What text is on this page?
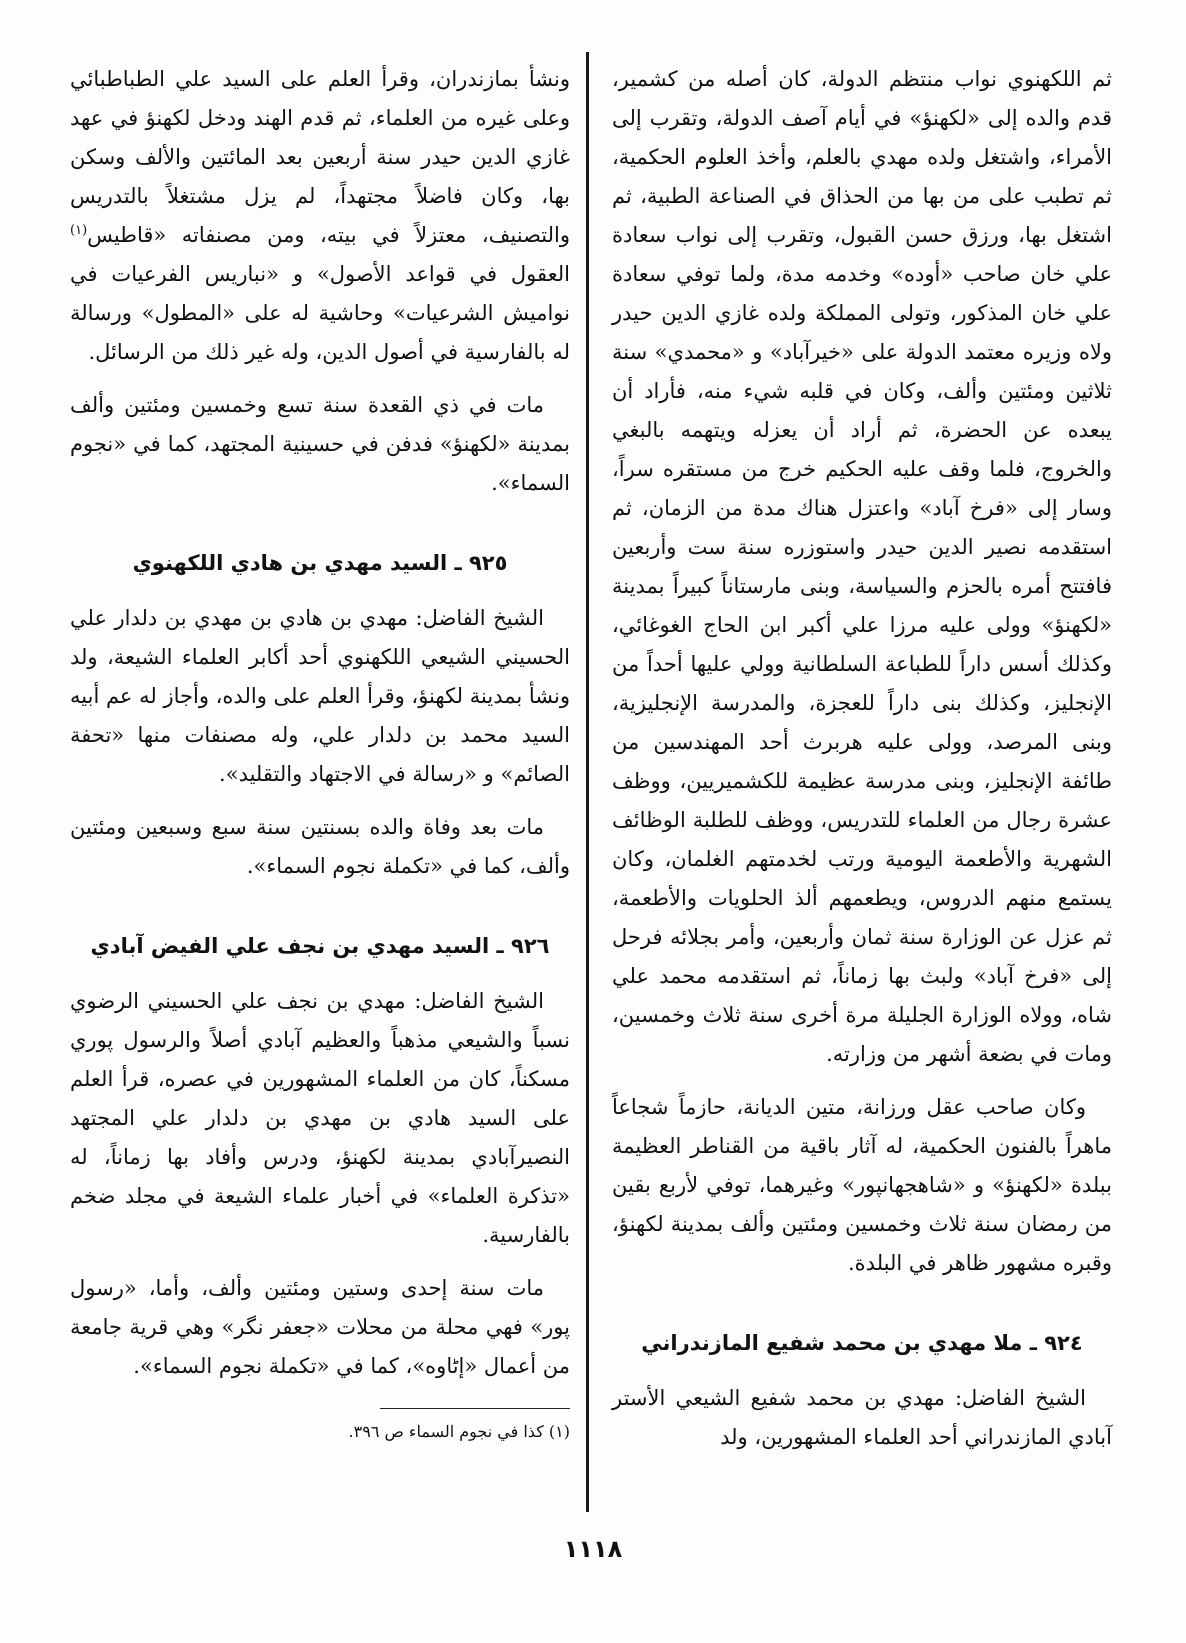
ثم اللكهنوي نواب منتظم الدولة، كان أصله من كشمير، قدم والده إلى «لكهنؤ» في أيام آصف الدولة، وتقرب إلى الأمراء، واشتغل ولده مهدي بالعلم، وأخذ العلوم الحكمية، ثم تطبب على من بها من الحذاق في الصناعة الطبية، ثم اشتغل بها، ورزق حسن القبول، وتقرب إلى نواب سعادة علي خان صاحب «أوده» وخدمه مدة، ولما توفي سعادة علي خان المذكور، وتولى المملكة ولده غازي الدين حيدر ولاه وزيره معتمد الدولة على «خيرآباد» و «محمدي» سنة ثلاثين ومئتين وألف، وكان في قلبه شيء منه، فأراد أن يبعده عن الحضرة، ثم أراد أن يعزله ويتهمه بالبغي والخروج، فلما وقف عليه الحكيم خرج من مستقره سراً، وسار إلى «فرخ آباد» واعتزل هناك مدة من الزمان، ثم استقدمه نصير الدين حيدر واستوزره سنة ست وأربعين فافتتح أمره بالحزم والسياسة، وبنى مارستاناً كبيراً بمدينة «لكهنؤ» وولى عليه مرزا علي أكبر ابن الحاج الغوغائي، وكذلك أسس داراً للطباعة السلطانية وولي عليها أحداً من الإنجليز، وكذلك بنى داراً للعجزة، والمدرسة الإنجليزية، وبنى المرصد، وولى عليه هربرث أحد المهندسين من طائفة الإنجليز، وبنى مدرسة عظيمة للكشميريين، ووظف عشرة رجال من العلماء للتدريس، ووظف للطلبة الوظائف الشهرية والأطعمة اليومية ورتب لخدمتهم الغلمان، وكان يستمع منهم الدروس، ويطعمهم ألذ الحلويات والأطعمة، ثم عزل عن الوزارة سنة ثمان وأربعين، وأمر بجلائه فرحل إلى «فرخ آباد» ولبث بها زماناً، ثم استقدمه محمد علي شاه، وولاه الوزارة الجليلة مرة أخرى سنة ثلاث وخمسين، ومات في بضعة أشهر من وزارته.

وكان صاحب عقل ورزانة، متين الديانة، حازماً شجاعاً ماهراً بالفنون الحكمية، له آثار باقية من القناطر العظيمة ببلدة «لكهنؤ» و «شاهجهانپور» وغيرهما، توفي لأربع بقين من رمضان سنة ثلاث وخمسين ومئتين وألف بمدينة لكهنؤ، وقبره مشهور ظاهر في البلدة.

٩٢٤ ـ ملا مهدي بن محمد شفيع المازندراني

الشيخ الفاضل: مهدي بن محمد شفيع الشيعي الأستر آبادي المازندراني أحد العلماء المشهورين، ولد

ونشأ بمازندران، وقرأ العلم على السيد علي الطباطبائي وعلى غيره من العلماء، ثم قدم الهند ودخل لكهنؤ في عهد غازي الدين حيدر سنة أربعين بعد المائتين والألف وسكن بها، وكان فاضلاً مجتهداً، لم يزل مشتغلاً بالتدريس والتصنيف، معتزلاً في بيته، ومن مصنفاته «قاطيس$^{(١)}$ العقول في قواعد الأصول» و «نباريس الفرعيات في نواميش الشرعيات» وحاشية له على «المطول» ورسالة له بالفارسية في أصول الدين، وله غير ذلك من الرسائل.

مات في ذي القعدة سنة تسع وخمسين ومئتين وألف بمدينة «لكهنؤ» فدفن في حسينية المجتهد، كما في «نجوم السماء».

٩٢٥ ـ السيد مهدي بن هادي اللكهنوي

الشيخ الفاضل: مهدي بن هادي بن مهدي بن دلدار علي الحسيني الشيعي اللكهنوي أحد أكابر العلماء الشيعة، ولد ونشأ بمدينة لكهنؤ، وقرأ العلم على والده، وأجاز له عم أبيه السيد محمد بن دلدار علي، وله مصنفات منها «تحفة الصائم» و «رسالة في الاجتهاد والتقليد».

مات بعد وفاة والده بسنتين سنة سبع وسبعين ومئتين وألف، كما في «تكملة نجوم السماء».

٩٢٦ ـ السيد مهدي بن نجف علي الفيض آبادي

الشيخ الفاضل: مهدي بن نجف علي الحسيني الرضوي نسباً والشيعي مذهباً والعظيم آبادي أصلاً والرسول پوري مسكناً، كان من العلماء المشهورين في عصره، قرأ العلم على السيد هادي بن مهدي بن دلدار علي المجتهد النصيرآبادي بمدينة لكهنؤ، ودرس وأفاد بها زماناً، له «تذكرة العلماء» في أخبار علماء الشيعة في مجلد ضخم بالفارسية.

مات سنة إحدى وستين ومئتين وألف، وأما، «رسول پور» فهي محلة من محلات «جعفر نگر» وهي قرية جامعة من أعمال «إٹاوه»، كما في «تكملة نجوم السماء».

(١) كذا في نجوم السماء ص ٣٩٦.

١١١٨
